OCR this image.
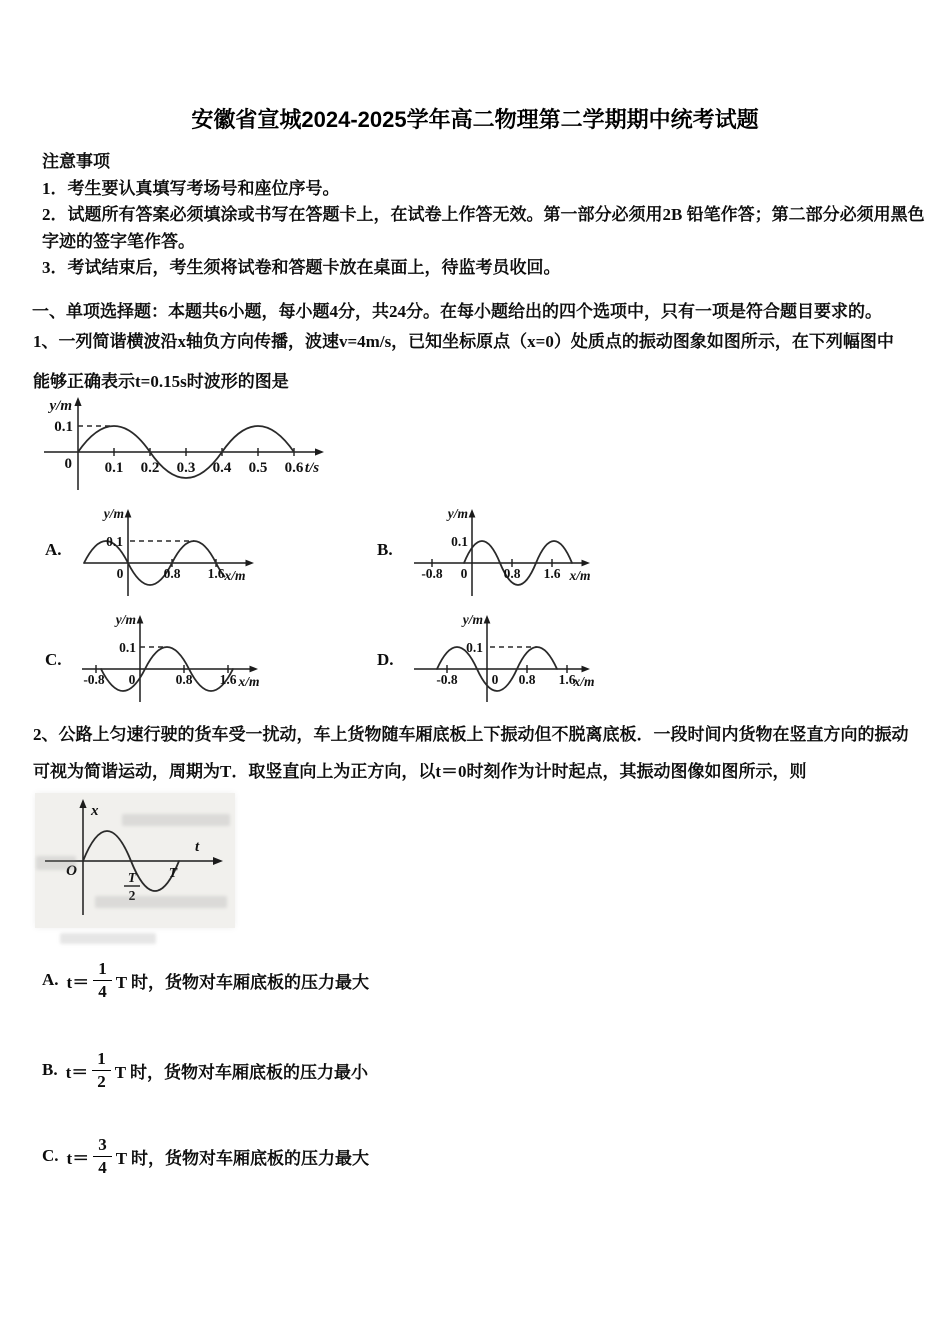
安徽省宣城2024-2025学年高二物理第二学期期中统考试题
注意事项
1．考生要认真填写考场号和座位序号。
2．试题所有答案必须填涂或书写在答题卡上，在试卷上作答无效。第一部分必须用2B 铅笔作答；第二部分必须用黑色字迹的签字笔作答。
3．考试结束后，考生须将试卷和答题卡放在桌面上，待监考员收回。
一、单项选择题：本题共6小题，每小题4分，共24分。在每小题给出的四个选项中，只有一项是符合题目要求的。
1、一列简谐横波沿x轴负方向传播，波速v=4m/s，已知坐标原点（x=0）处质点的振动图象如图所示，在下列幅图中
能够正确表示t=0.15s时波形的图是
y/m
0.1
0 0.1 0.2 0.3 0.4 0.5 0.6 t/s
A.
y/m
0.1
0	0.8 1.6 x/m
B.
y/m
0.1
-0.8 0	0.8 1.6 x/m
C.
y/m
0.1
-0.8 0	0.8 1.6 x/m
D.
y/m
0.1
-0.8	0 0.8 1.6
x/m
2、公路上匀速行驶的货车受一扰动，车上货物随车厢底板上下振动但不脱离底板．一段时间内货物在竖直方向的振动
可视为简谐运动，周期为T．取竖直向上为正方向，以t＝0时刻作为计时起点，其振动图像如图所示，则
x
t
O	T
2
T
A. $t= \frac{1}{4}$ T 时，货物对车厢底板的压力最大
B. $t= \frac{1}{2}$ T 时，货物对车厢底板的压力最小
C. $t= \frac{3}{4}$ T 时，货物对车厢底板的压力最大
